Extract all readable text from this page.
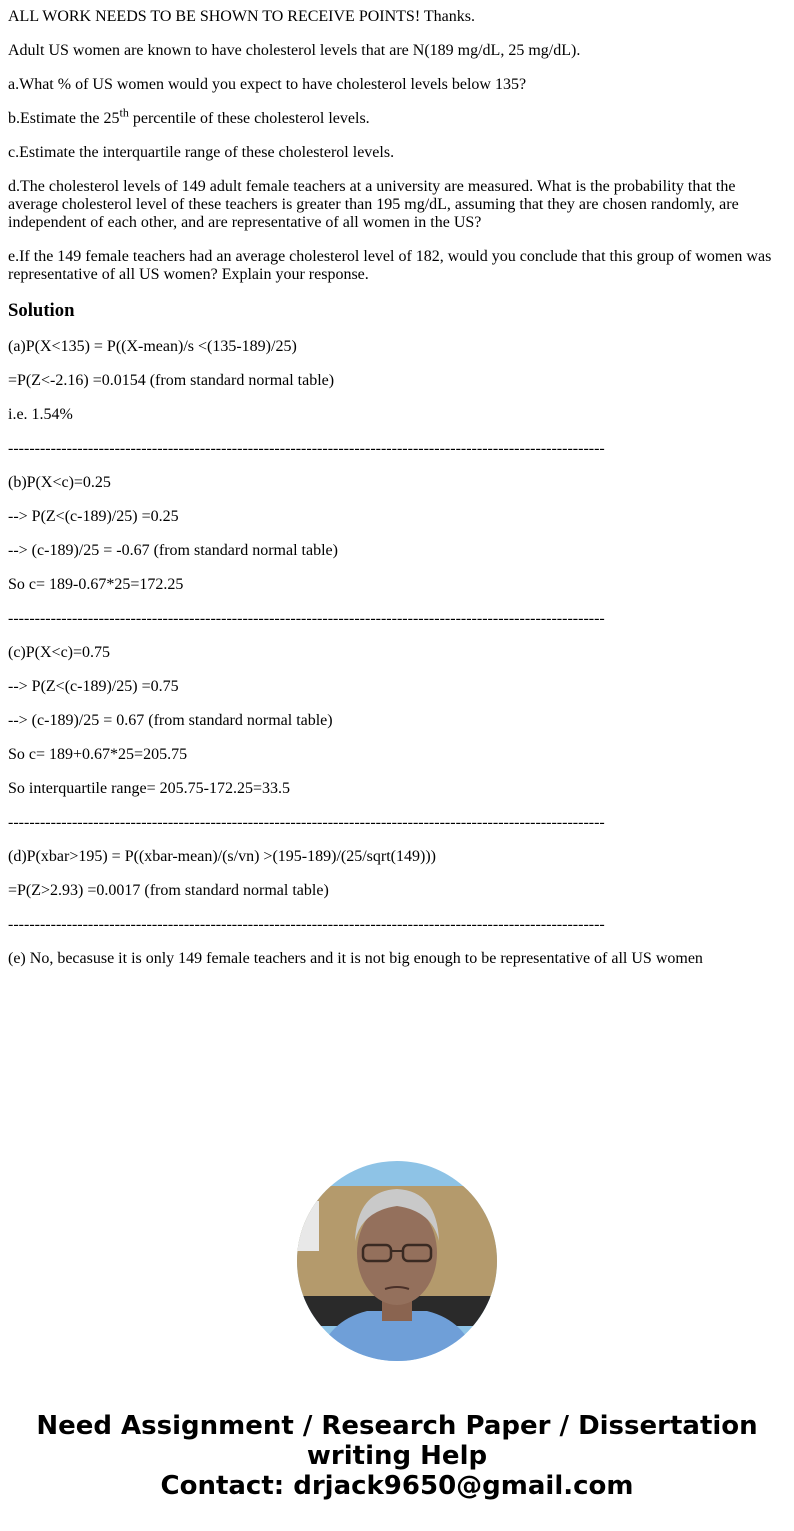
ALL WORK NEEDS TO BE SHOWN TO RECEIVE POINTS! Thanks.

Adult US women are known to have cholesterol levels that are N(189 mg/dL, 25 mg/dL).

a.What % of US women would you expect to have cholesterol levels below 135?

b.Estimate the 25th percentile of these cholesterol levels.

c.Estimate the interquartile range of these cholesterol levels.

d.The cholesterol levels of 149 adult female teachers at a university are measured. What is the probability that the average cholesterol level of these teachers is greater than 195 mg/dL, assuming that they are chosen randomly, are independent of each other, and are representative of all women in the US?

e.If the 149 female teachers had an average cholesterol level of 182, would you conclude that this group of women was representative of all US women? Explain your response.

Solution

(a)P(X<135) = P((X-mean)/s <(135-189)/25)

=P(Z<-2.16) =0.0154 (from standard normal table)

i.e. 1.54%

----------------------------------------------------------------------------------------------------------------

(b)P(X<c)=0.25

--> P(Z<(c-189)/25) =0.25

--> (c-189)/25 = -0.67 (from standard normal table)

So c= 189-0.67*25=172.25

----------------------------------------------------------------------------------------------------------------

(c)P(X<c)=0.75

--> P(Z<(c-189)/25) =0.75

--> (c-189)/25 = 0.67 (from standard normal table)

So c= 189+0.67*25=205.75

So interquartile range= 205.75-172.25=33.5

----------------------------------------------------------------------------------------------------------------

(d)P(xbar>195) = P((xbar-mean)/(s/vn) >(195-189)/(25/sqrt(149)))

=P(Z>2.93) =0.0017 (from standard normal table)

----------------------------------------------------------------------------------------------------------------

(e) No, becasuse it is only 149 female teachers and it is not big enough to be representative of all US women

Need Assignment / Research Paper / Dissertation
writing Help
Contact: drjack9650@gmail.com
